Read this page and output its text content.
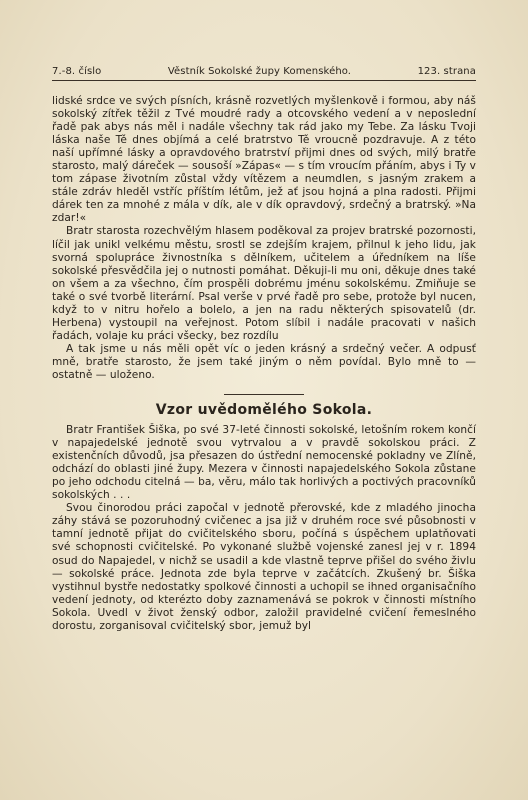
7.-8. číslo	Věstník Sokolské župy Komenského.	123. strana

lidské srdce ve svých písních, krásně rozvetlých myšlenkově i formou, aby náš sokolský zítřek těžil z Tvé moudré rady a otcovského vedení a v neposlední řadě pak abys nás měl i nadále všechny tak rád jako my Tebe. Za lásku Tvoji láska naše Tě dnes objímá a celé bratrstvo Tě vroucně pozdravuje. A z této naší upřímné lásky a opravdového bratrství přijmi dnes od svých, milý bratře starosto, malý dáreček — sousoší »Zápas« — s tím vroucím přáním, abys i Ty v tom zápase životním zůstal vždy vítězem a neumdlen, s jasným zrakem a stále zdráv hleděl vstříc příštím létům, jež ať jsou hojná a plna radosti. Přijmi dárek ten za mnohé z mála v dík, ale v dík opravdový, srdečný a bratrský. »Na zdar!«

Bratr starosta rozechvělým hlasem poděkoval za projev bratrské pozornosti, líčil jak unikl velkému městu, srostl se zdejším krajem, přilnul k jeho lidu, jak svorná spolupráce živnostníka s dělníkem, učitelem a úředníkem na líše sokolské přesvědčila jej o nutnosti pomáhat. Děkuji-li mu oni, děkuje dnes také on všem a za všechno, čím prospěli dobrému jménu sokolskému. Zmiňuje se také o své tvorbě literární. Psal verše v prvé řadě pro sebe, protože byl nucen, když to v nitru hořelo a bolelo, a jen na radu některých spisovatelů (dr. Herbena) vystoupil na veřejnost. Potom slíbil i nadále pracovati v našich řadách, volaje ku práci všecky, bez rozdílu

A tak jsme u nás měli opět víc o jeden krásný a srdečný večer. A odpusť mně, bratře starosto, že jsem také jiným o něm povídal. Bylo mně to — ostatně — uloženo.

Vzor uvědomělého Sokola.

Bratr František Šiška, po své 37-leté činnosti sokolské, letošním rokem končí v napajedelské jednotě svou vytrvalou a v pravdě sokolskou práci. Z existenčních důvodů, jsa přesazen do ústřední nemocenské pokladny ve Zlíně, odchází do oblasti jiné župy. Mezera v činnosti napajedelského Sokola zůstane po jeho odchodu citelná — ba, věru, málo tak horlivých a poctivých pracovníků sokolských . . .

Svou činorodou práci započal v jednotě přerovské, kde z mladého jinocha záhy stává se pozoruhodný cvičenec a jsa již v druhém roce své působnosti v tamní jednotě přijat do cvičitelského sboru, počíná s úspěchem uplatňovati své schopnosti cvičitelské. Po vykonané službě vojenské zanesl jej v r. 1894 osud do Napajedel, v nichž se usadil a kde vlastně teprve přišel do svého živlu — sokolské práce. Jednota zde byla teprve v začátcích. Zkušený br. Šiška vystihnul bystře nedostatky spolkové činnosti a uchopil se ihned organisačního vedení jednoty, od kterézto doby zaznamenává se pokrok v činnosti místního Sokola. Uvedl v život ženský odbor, založil pravidelné cvičení řemeslného dorostu, zorganisoval cvičitelský sbor, jemuž byl
